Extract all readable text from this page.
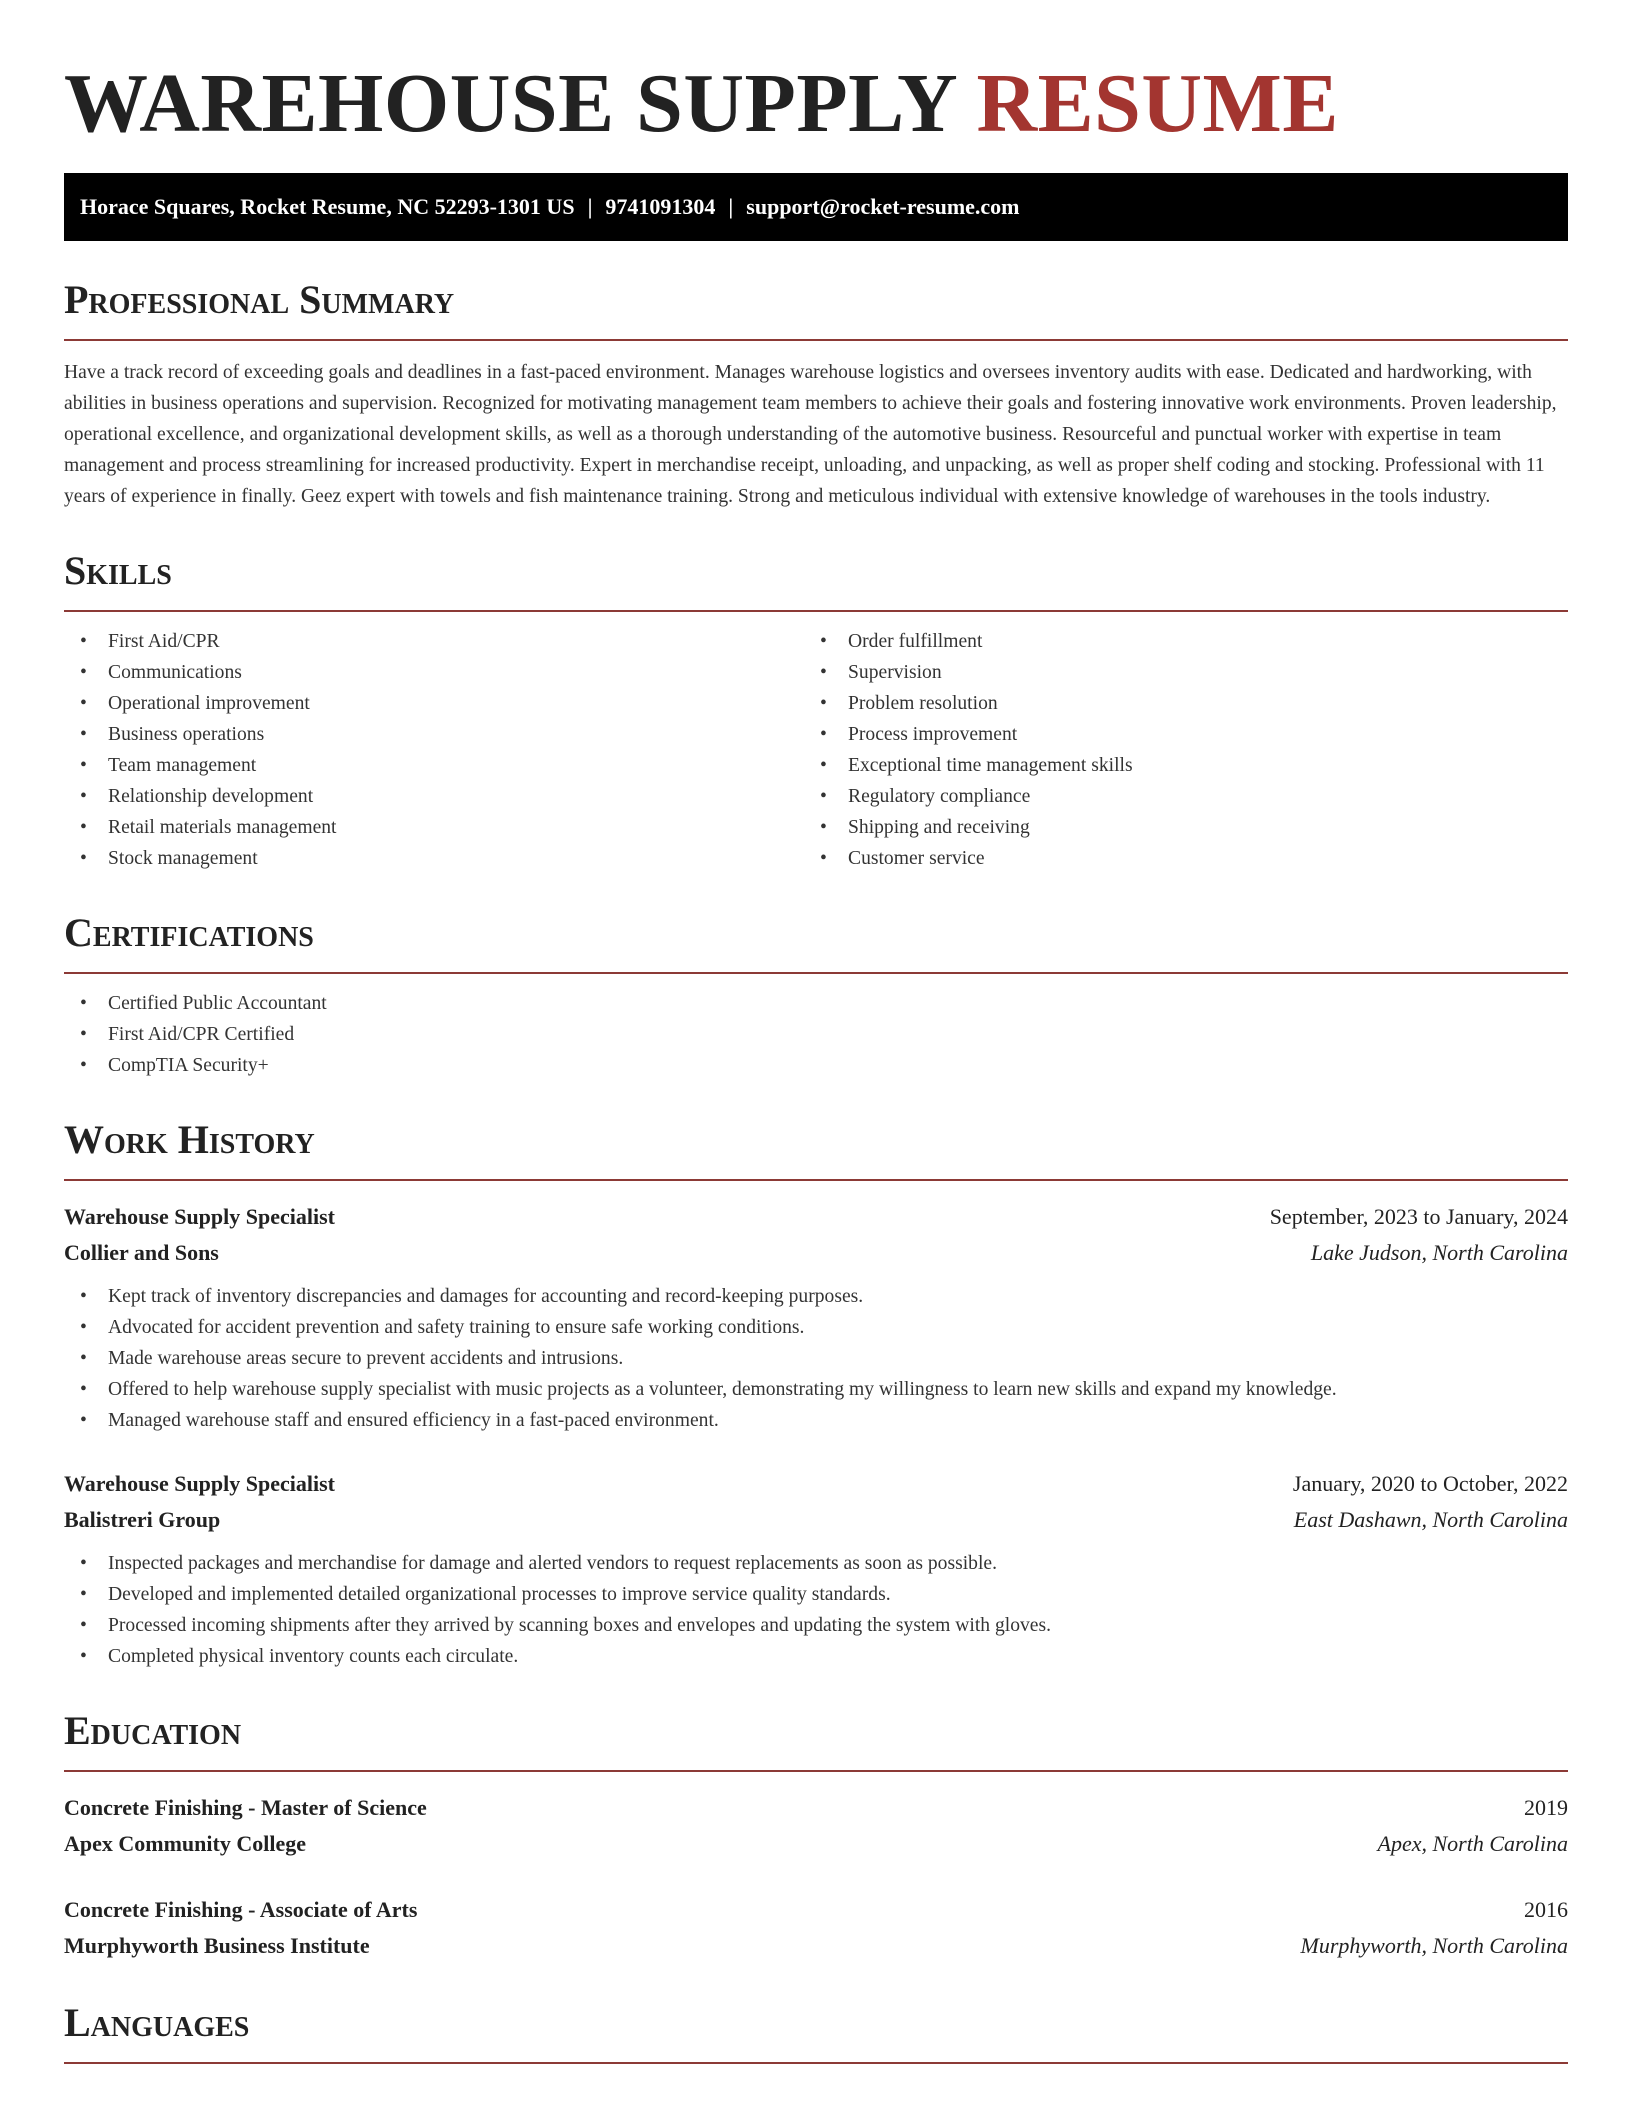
WAREHOUSE SUPPLY RESUME
Horace Squares, Rocket Resume, NC 52293-1301 US | 9741091304 | support@rocket-resume.com
Professional Summary

Have a track record of exceeding goals and deadlines in a fast-paced environment. Manages warehouse logistics and oversees inventory audits with ease. Dedicated and hardworking, with abilities in business operations and supervision. Recognized for motivating management team members to achieve their goals and fostering innovative work environments. Proven leadership, operational excellence, and organizational development skills, as well as a thorough understanding of the automotive business. Resourceful and punctual worker with expertise in team management and process streamlining for increased productivity. Expert in merchandise receipt, unloading, and unpacking, as well as proper shelf coding and stocking. Professional with 11 years of experience in finally. Geez expert with towels and fish maintenance training. Strong and meticulous individual with extensive knowledge of warehouses in the tools industry.

Skills
• First Aid/CPR
• Communications
• Operational improvement
• Business operations
• Team management
• Relationship development
• Retail materials management
• Stock management
• Order fulfillment
• Supervision
• Problem resolution
• Process improvement
• Exceptional time management skills
• Regulatory compliance
• Shipping and receiving
• Customer service
Certifications
• Certified Public Accountant
• First Aid/CPR Certified
• CompTIA Security+
Work History
Warehouse Supply Specialist	September, 2023 to January, 2024
Collier and Sons	Lake Judson, North Carolina
• Kept track of inventory discrepancies and damages for accounting and record-keeping purposes.
• Advocated for accident prevention and safety training to ensure safe working conditions.
• Made warehouse areas secure to prevent accidents and intrusions.
• Offered to help warehouse supply specialist with music projects as a volunteer, demonstrating my willingness to learn new skills and expand my knowledge.
• Managed warehouse staff and ensured efficiency in a fast-paced environment.
Warehouse Supply Specialist	January, 2020 to October, 2022
Balistreri Group	East Dashawn, North Carolina
• Inspected packages and merchandise for damage and alerted vendors to request replacements as soon as possible.
• Developed and implemented detailed organizational processes to improve service quality standards.
• Processed incoming shipments after they arrived by scanning boxes and envelopes and updating the system with gloves.
• Completed physical inventory counts each circulate.
Education
Concrete Finishing - Master of Science	2019
Apex Community College	Apex, North Carolina
Concrete Finishing - Associate of Arts	2016
Murphyworth Business Institute	Murphyworth, North Carolina
Languages
